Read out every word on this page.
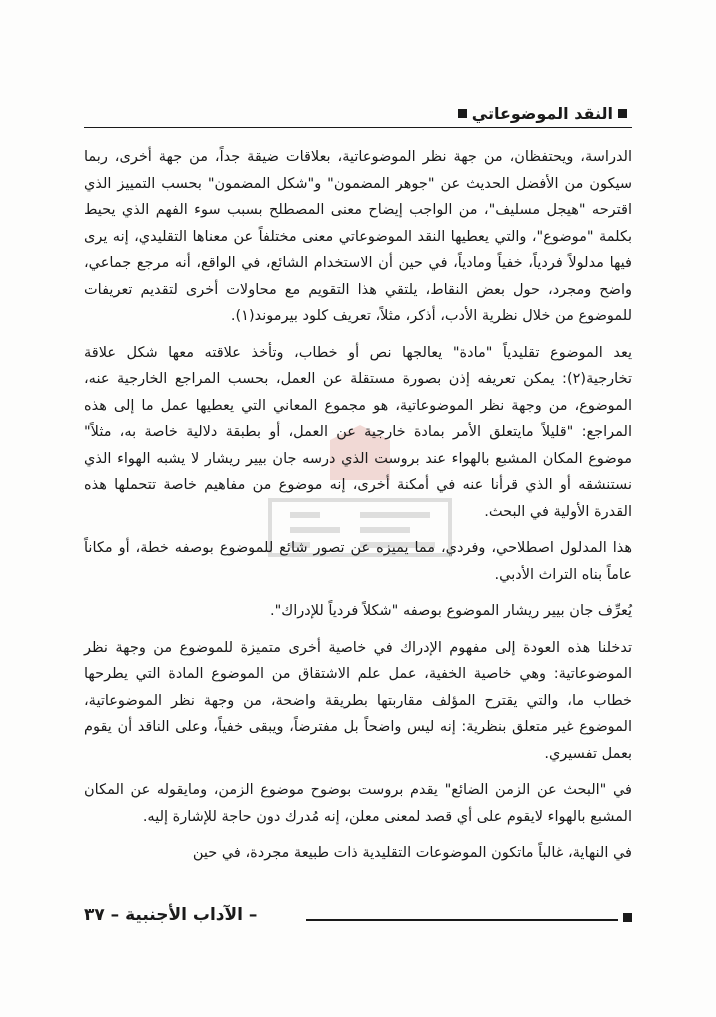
النقد الموضوعاتي

الدراسة، ويحتفظان، من جهة نظر الموضوعاتية، بعلاقات ضيقة جداً، من جهة أخرى، ربما سيكون من الأفضل الحديث عن "جوهر المضمون" و"شكل المضمون" بحسب التمييز الذي اقترحه "هيجل مسليف"، من الواجب إيضاح معنى المصطلح بسبب سوء الفهم الذي يحيط بكلمة "موضوع"، والتي يعطيها النقد الموضوعاتي معنى مختلفاً عن معناها التقليدي، إنه يرى فيها مدلولاً فردياً، خفياً ومادياً، في حين أن الاستخدام الشائع، في الواقع، أنه مرجع جماعي، واضح ومجرد، حول بعض النقاط، يلتقي هذا التقويم مع محاولات أخرى لتقديم تعريفات للموضوع من خلال نظرية الأدب، أذكر، مثلاً، تعريف كلود بيرموند(١).

يعد الموضوع تقليدياً "مادة" يعالجها نص أو خطاب، وتأخذ علاقته معها شكل علاقة تخارجية(٢): يمكن تعريفه إذن بصورة مستقلة عن العمل، بحسب المراجع الخارجية عنه، الموضوع، من وجهة نظر الموضوعاتية، هو مجموع المعاني التي يعطيها عمل ما إلى هذه المراجع: "قليلاً مايتعلق الأمر بمادة خارجية عن العمل، أو بطبقة دلالية خاصة به، مثلاً" موضوع المكان المشبع بالهواء عند بروست الذي درسه جان بيير ريشار لا يشبه الهواء الذي نستنشقه أو الذي قرأنا عنه في أمكنة أخرى، إنه موضوع من مفاهيم خاصة تتحملها هذه القدرة الأولية في البحث.

هذا المدلول اصطلاحي، وفردي، مما يميزه عن تصور شائع للموضوع بوصفه خطة، أو مكاناً عاماً بناه التراث الأدبي.

يُعرِّف جان بيير ريشار الموضوع بوصفه "شكلاً فردياً للإدراك".

تدخلنا هذه العودة إلى مفهوم الإدراك في خاصية أخرى متميزة للموضوع من وجهة نظر الموضوعاتية: وهي خاصية الخفية، عمل علم الاشتقاق من الموضوع المادة التي يطرحها خطاب ما، والتي يقترح المؤلف مقاربتها بطريقة واضحة، من وجهة نظر الموضوعاتية، الموضوع غير متعلق بنظرية: إنه ليس واضحاً بل مفترضاً، ويبقى خفياً، وعلى الناقد أن يقوم بعمل تفسيري.

في "البحث عن الزمن الضائع" يقدم بروست بوضوح موضوع الزمن، ومايقوله عن المكان المشبع بالهواء لايقوم على أي قصد لمعنى معلن، إنه مُدرك دون حاجة للإشارة إليه.

في النهاية، غالباً ماتكون الموضوعات التقليدية ذات طبيعة مجردة، في حين

– الآداب الأجنبية – ٣٧
